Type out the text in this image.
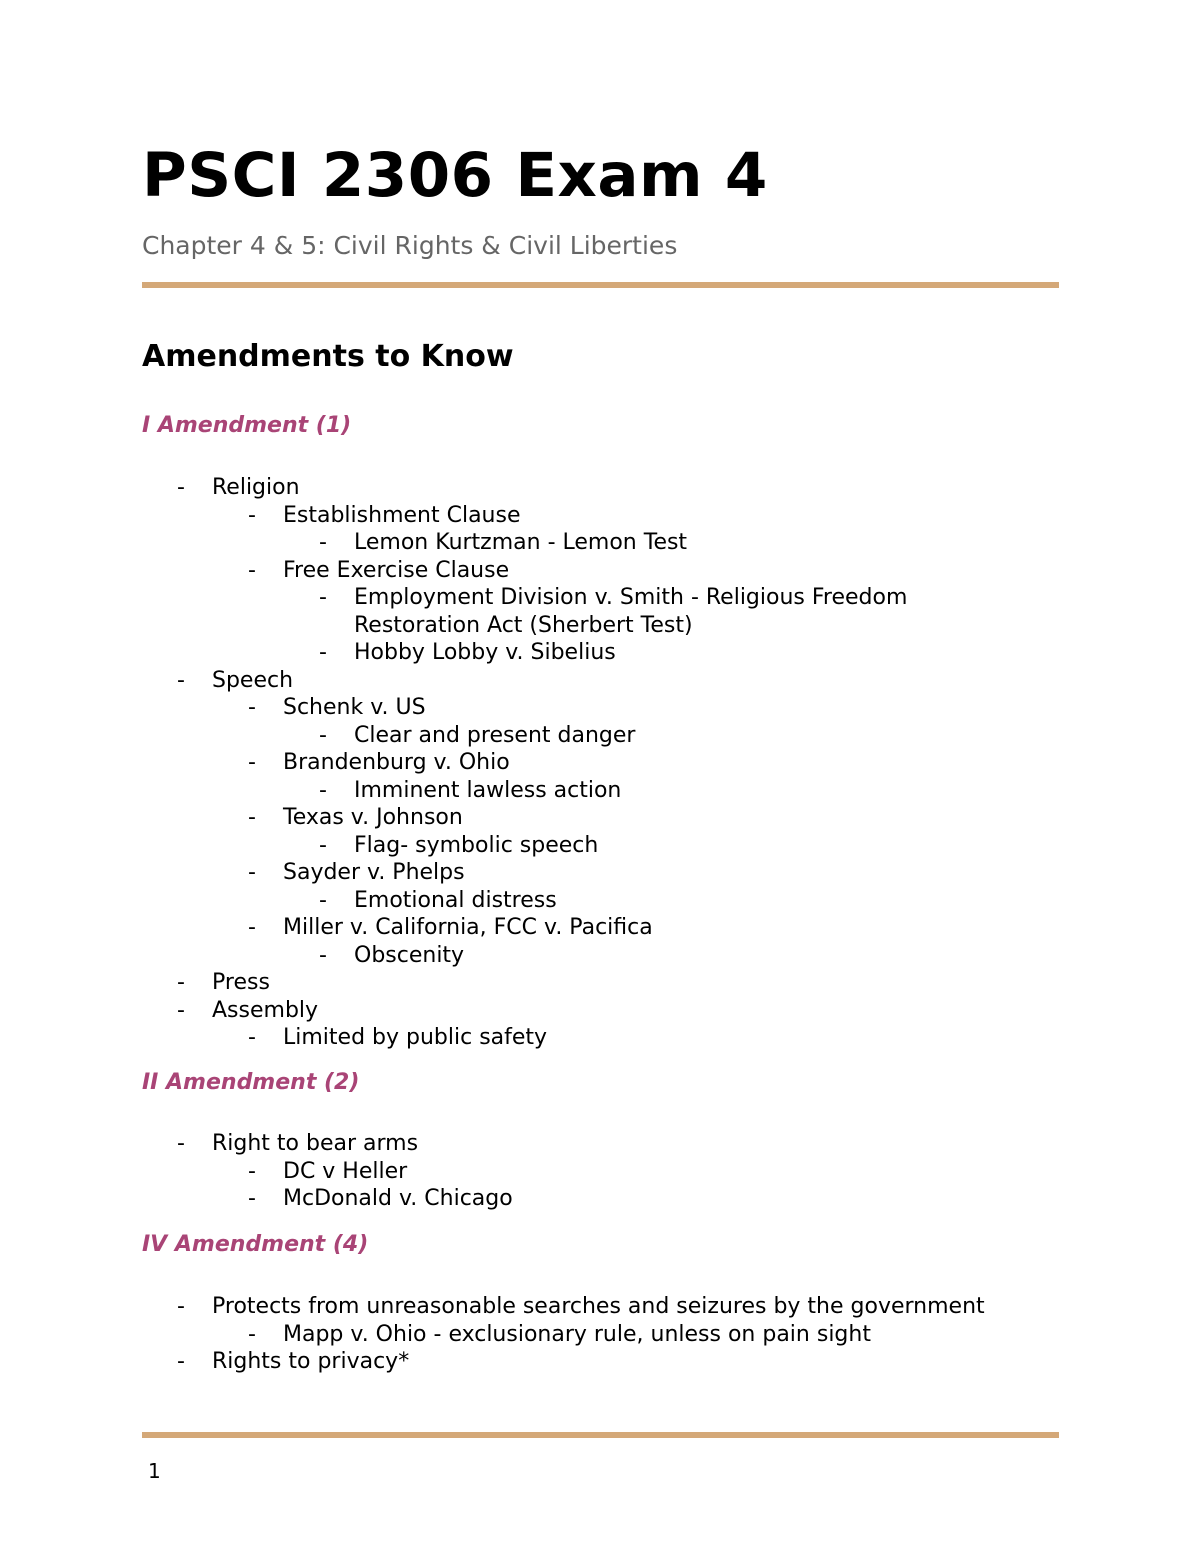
PSCI 2306 Exam 4
Chapter 4 & 5: Civil Rights & Civil Liberties
Amendments to Know
I Amendment (1)
- Religion
- Establishment Clause
- Lemon Kurtzman - Lemon Test
- Free Exercise Clause
- Employment Division v. Smith - Religious Freedom
Restoration Act (Sherbert Test)
- Hobby Lobby v. Sibelius
- Speech
- Schenk v. US
- Clear and present danger
- Brandenburg v. Ohio
- Imminent lawless action
- Texas v. Johnson
- Flag- symbolic speech
- Sayder v. Phelps
- Emotional distress
- Miller v. California, FCC v. Pacifica
- Obscenity
- Press
- Assembly
- Limited by public safety
II Amendment (2)
- Right to bear arms
- DC v Heller
- McDonald v. Chicago
IV Amendment (4)
- Protects from unreasonable searches and seizures by the government
- Mapp v. Ohio - exclusionary rule, unless on pain sight
- Rights to privacy*
1
